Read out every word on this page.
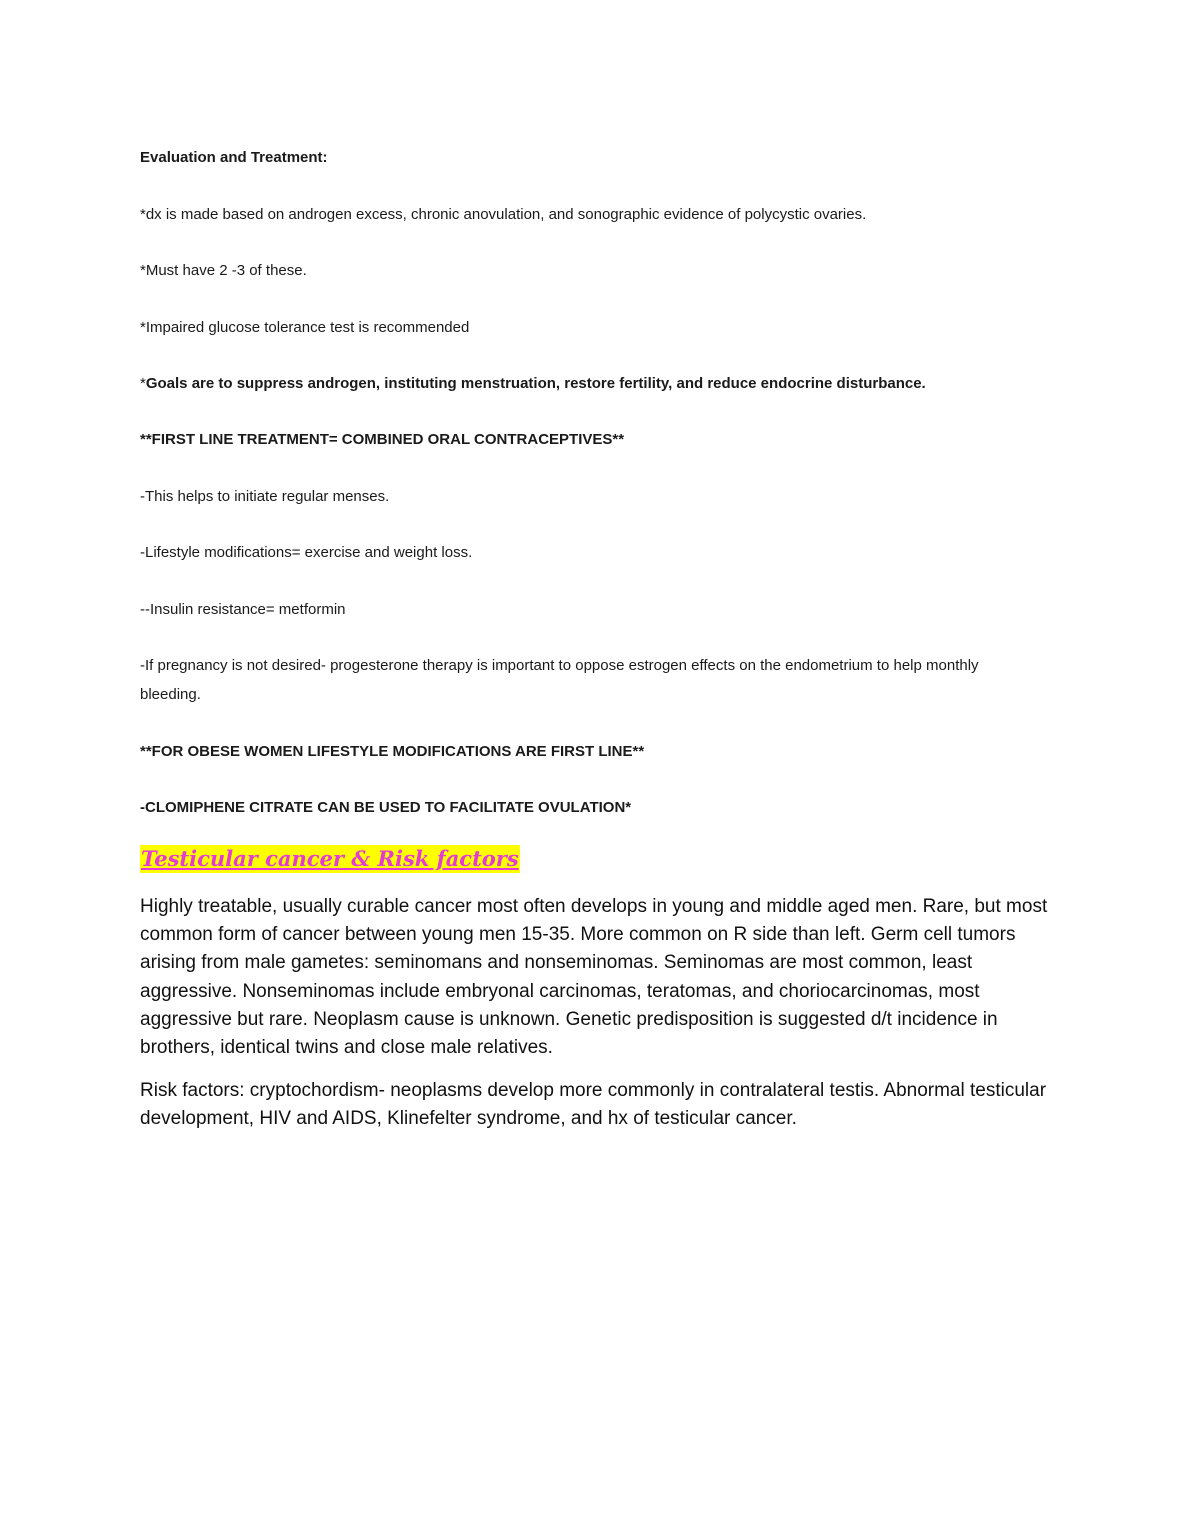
Evaluation and Treatment:
*dx is made based on androgen excess, chronic anovulation, and sonographic evidence of polycystic ovaries.
*Must have 2 -3 of these.
*Impaired glucose tolerance test is recommended
*Goals are to suppress androgen, instituting menstruation, restore fertility, and reduce endocrine disturbance.
**FIRST LINE TREATMENT= COMBINED ORAL CONTRACEPTIVES**
-This helps to initiate regular menses.
-Lifestyle modifications= exercise and weight loss.
--Insulin resistance= metformin
-If pregnancy is not desired- progesterone therapy is important to oppose estrogen effects on the endometrium to help monthly bleeding.
**FOR OBESE WOMEN LIFESTYLE MODIFICATIONS ARE FIRST LINE**
-CLOMIPHENE CITRATE CAN BE USED TO FACILITATE OVULATION*
Testicular cancer & Risk factors
Highly treatable, usually curable cancer most often develops in young and middle aged men. Rare, but most common form of cancer between young men 15-35. More common on R side than left. Germ cell tumors arising from male gametes: seminomans and nonseminomas. Seminomas are most common, least aggressive. Nonseminomas include embryonal carcinomas, teratomas, and choriocarcinomas, most aggressive but rare. Neoplasm cause is unknown. Genetic predisposition is suggested d/t incidence in brothers, identical twins and close male relatives.
Risk factors: cryptochordism- neoplasms develop more commonly in contralateral testis. Abnormal testicular development, HIV and AIDS, Klinefelter syndrome, and hx of testicular cancer.
